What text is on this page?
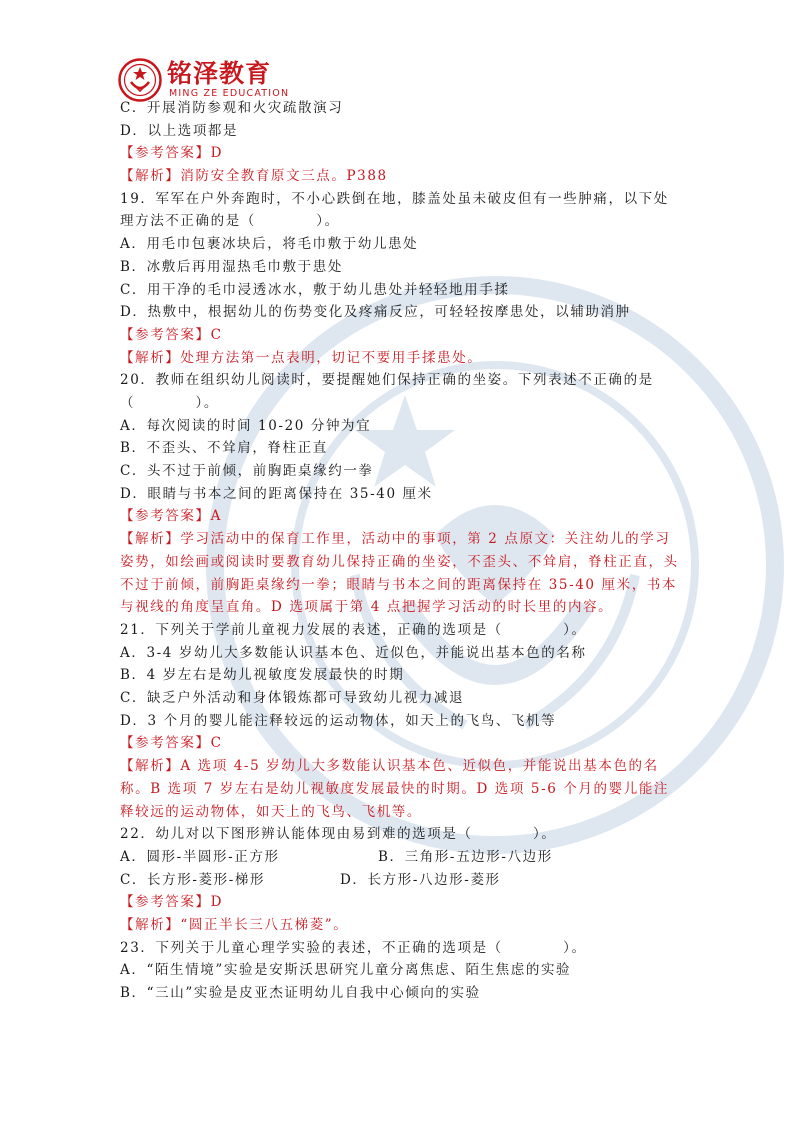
铭泽教育
MING ZE EDUCATION
C．开展消防参观和火灾疏散演习
D．以上选项都是
【参考答案】D
【解析】消防安全教育原文三点。P388
19．军军在户外奔跑时，不小心跌倒在地，膝盖处虽未破皮但有一些肿痛，以下处理方法不正确的是（　　　　）。
A．用毛巾包裹冰块后，将毛巾敷于幼儿患处
B．冰敷后再用湿热毛巾敷于患处
C．用干净的毛巾浸透冰水，敷于幼儿患处并轻轻地用手揉
D．热敷中，根据幼儿的伤势变化及疼痛反应，可轻轻按摩患处，以辅助消肿
【参考答案】C
【解析】处理方法第一点表明，切记不要用手揉患处。
20．教师在组织幼儿阅读时，要提醒她们保持正确的坐姿。下列表述不正确的是（　　　　）。
A．每次阅读的时间 10-20 分钟为宜
B．不歪头、不耸肩，脊柱正直
C．头不过于前倾，前胸距桌缘约一拳
D．眼睛与书本之间的距离保持在 35-40 厘米
【参考答案】A
【解析】学习活动中的保育工作里，活动中的事项，第 2 点原文：关注幼儿的学习姿势，如绘画或阅读时要教育幼儿保持正确的坐姿，不歪头、不耸肩，脊柱正直，头不过于前倾，前胸距桌缘约一拳；眼睛与书本之间的距离保持在 35-40 厘米，书本与视线的角度呈直角。D 选项属于第 4 点把握学习活动的时长里的内容。
21．下列关于学前儿童视力发展的表述，正确的选项是（　　　　）。
A．3-4 岁幼儿大多数能认识基本色、近似色，并能说出基本色的名称
B．4 岁左右是幼儿视敏度发展最快的时期
C．缺乏户外活动和身体锻炼都可导致幼儿视力减退
D．3 个月的婴儿能注释较远的运动物体，如天上的飞鸟、飞机等
【参考答案】C
【解析】A 选项 4-5 岁幼儿大多数能认识基本色、近似色，并能说出基本色的名称。B 选项 7 岁左右是幼儿视敏度发展最快的时期。D 选项 5-6 个月的婴儿能注释较远的运动物体，如天上的飞鸟、飞机等。
22．幼儿对以下图形辨认能体现由易到难的选项是（　　　　）。
A．圆形-半圆形-正方形	B．三角形-五边形-八边形
C．长方形-菱形-梯形	D．长方形-八边形-菱形
【参考答案】D
【解析】“圆正半长三八五梯菱”。
23．下列关于儿童心理学实验的表述，不正确的选项是（　　　　）。
A．“陌生情境”实验是安斯沃思研究儿童分离焦虑、陌生焦虑的实验
B．“三山”实验是皮亚杰证明幼儿自我中心倾向的实验
